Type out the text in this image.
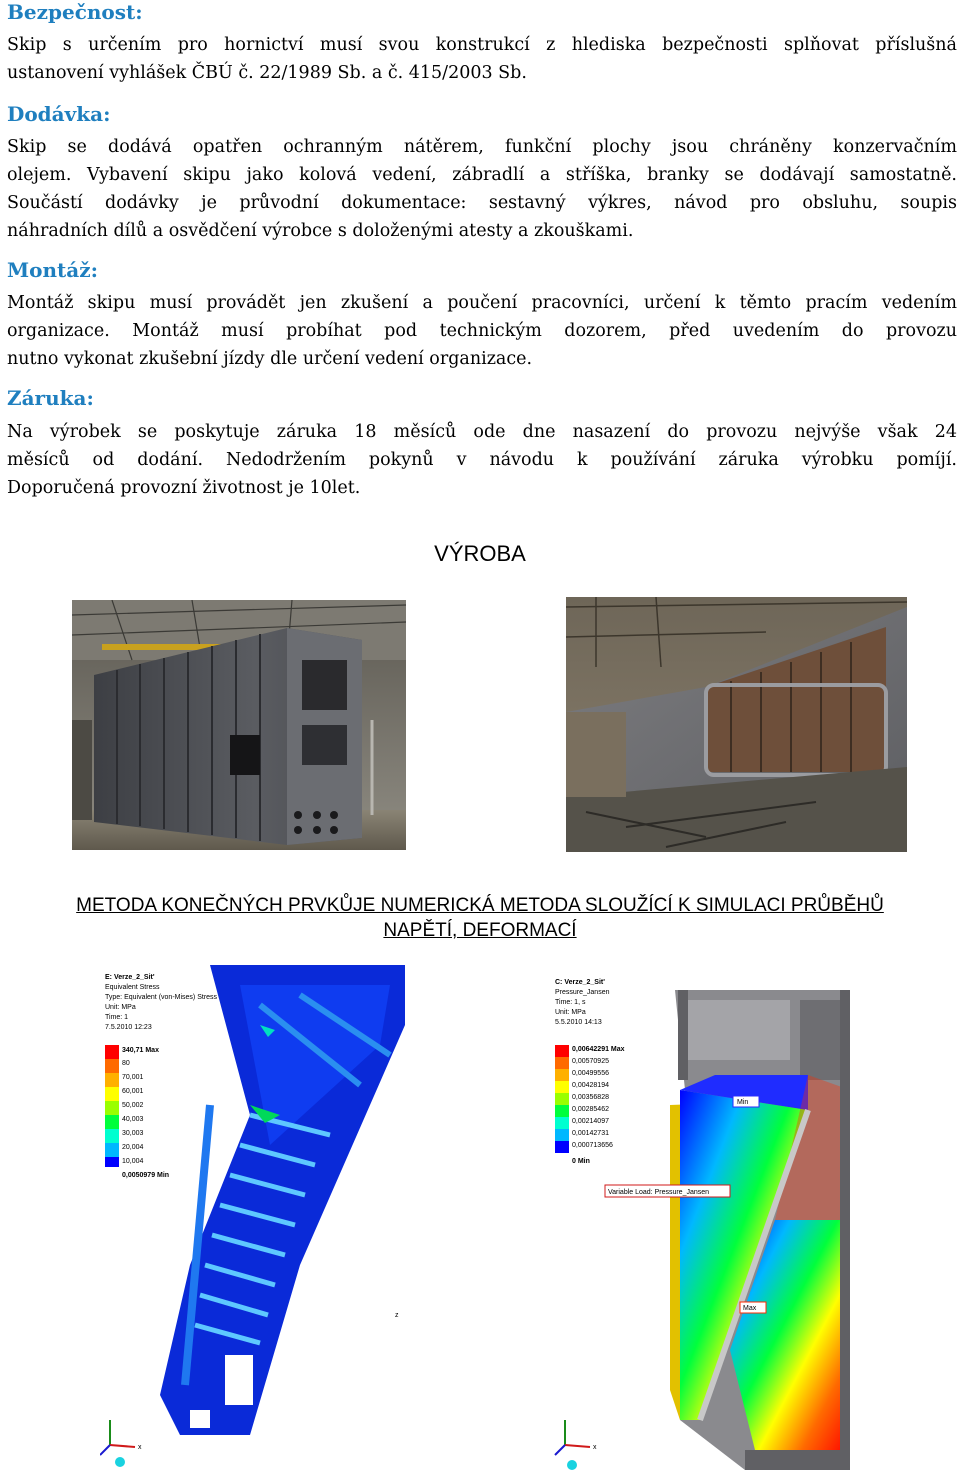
Bezpečnost:
Skip s určením pro hornictví musí svou konstrukcí z hlediska bezpečnosti splňovat příslušná
ustanovení vyhlášek ČBÚ č. 22/1989 Sb. a č. 415/2003 Sb.
Dodávka:
Skip se dodává opatřen ochranným nátěrem, funkční plochy jsou chráněny konzervačním
olejem. Vybavení skipu jako kolová vedení, zábradlí a stříška, branky se dodávají samostatně.
Součástí dodávky je průvodní dokumentace: sestavný výkres, návod pro obsluhu, soupis
náhradních dílů a osvědčení výrobce s doloženými atesty a zkouškami.
Montáž:
Montáž skipu musí provádět jen zkušení a poučení pracovníci, určení k těmto pracím vedením
organizace. Montáž musí probíhat pod technickým dozorem, před uvedením do provozu
nutno vykonat zkušební jízdy dle určení vedení organizace.
Záruka:
Na výrobek se poskytuje záruka 18 měsíců ode dne nasazení do provozu nejvýše však 24
měsíců od dodání. Nedodržením pokynů v návodu k používání záruka výrobku pomíjí.
Doporučená provozní životnost je 10let.
VÝROBA
METODA KONEČNÝCH PRVKŮJE NUMERICKÁ METODA SLOUŽÍCÍ K SIMULACI PRŮBĚHŮ
NAPĚTÍ, DEFORMACÍ
E: Verze_2_Sit'
Equivalent Stress
Type: Equivalent (von-Mises) Stress
Unit: MPa
Time: 1
7.5.2010 12:23
340,71 Max
80
70,001
60,001
50,002
40,003
30,003
20,004
10,004
0,0050979 Min
x
z
C: Verze_2_Sit'
Pressure_Jansen
Time: 1, s
Unit: MPa
5.5.2010 14:13
0,00642291 Max
0,00570925
0,00499556
0,00428194
0,00356828
0,00285462
0,00214097
0,00142731
0,000713656
0 Min
Min
Max
Variable Load: Pressure_Jansen
x
